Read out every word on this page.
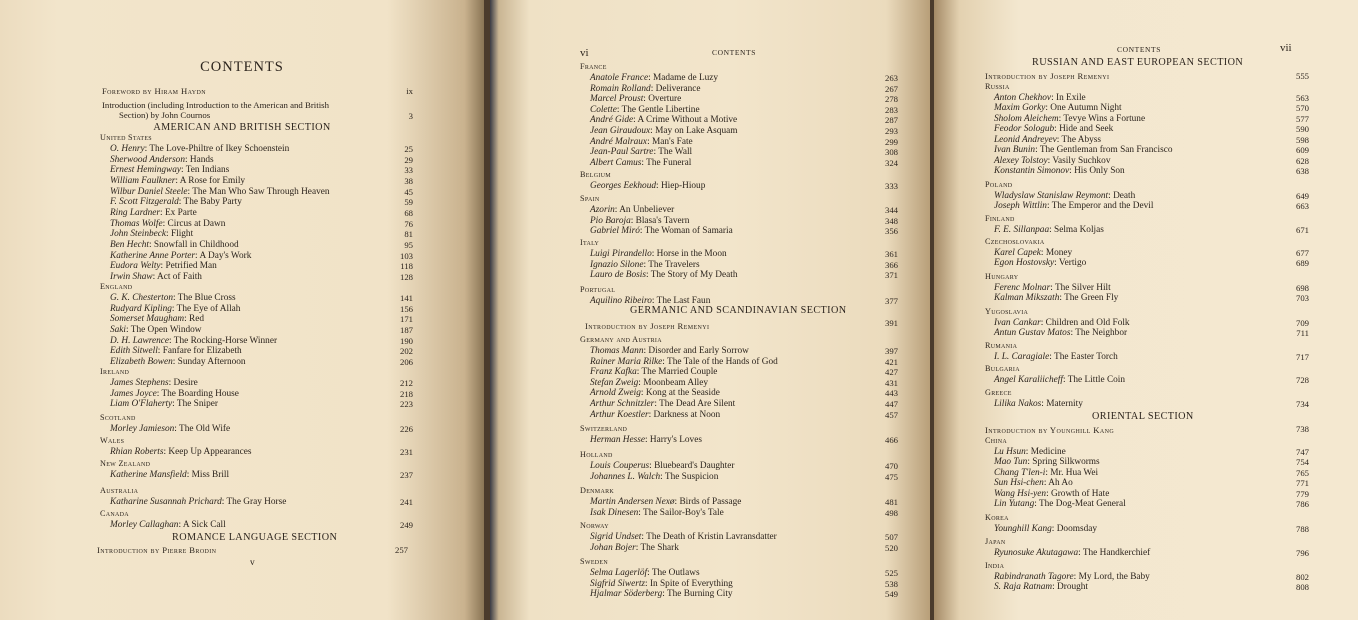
CONTENTS
Foreword by Hiram Haydn	ix
Introduction (including Introduction to the American and British
Section) by John Cournos	3
AMERICAN AND BRITISH SECTION
United States
O. Henry: The Love-Philtre of Ikey Schoenstein	25
Sherwood Anderson: Hands	29
Ernest Hemingway: Ten Indians	33
William Faulkner: A Rose for Emily	38
Wilbur Daniel Steele: The Man Who Saw Through Heaven	45
F. Scott Fitzgerald: The Baby Party	59
Ring Lardner: Ex Parte	68
Thomas Wolfe: Circus at Dawn	76
John Steinbeck: Flight	81
Ben Hecht: Snowfall in Childhood	95
Katherine Anne Porter: A Day's Work	103
Eudora Welty: Petrified Man	118
Irwin Shaw: Act of Faith	128
England
G. K. Chesterton: The Blue Cross	141
Rudyard Kipling: The Eye of Allah	156
Somerset Maugham: Red	171
Saki: The Open Window	187
D. H. Lawrence: The Rocking-Horse Winner	190
Edith Sitwell: Fanfare for Elizabeth	202
Elizabeth Bowen: Sunday Afternoon	206
Ireland
James Stephens: Desire	212
James Joyce: The Boarding House	218
Liam O'Flaherty: The Sniper	223
Scotland
Morley Jamieson: The Old Wife	226
Wales
Rhian Roberts: Keep Up Appearances	231
New Zealand
Katherine Mansfield: Miss Brill	237
Australia
Katharine Susannah Prichard: The Gray Horse	241
Canada
Morley Callaghan: A Sick Call	249
ROMANCE LANGUAGE SECTION
Introduction by Pierre Brodin	257
v
vi	CONTENTS
France
Anatole France: Madame de Luzy	263
Romain Rolland: Deliverance	267
Marcel Proust: Overture	278
Colette: The Gentle Libertine	283
André Gide: A Crime Without a Motive	287
Jean Giraudoux: May on Lake Asquam	293
André Malraux: Man's Fate	299
Jean-Paul Sartre: The Wall	308
Albert Camus: The Funeral	324
Belgium
Georges Eekhoud: Hiep-Hioup	333
Spain
Azorin: An Unbeliever	344
Pio Baroja: Blasa's Tavern	348
Gabriel Miró: The Woman of Samaria	356
Italy
Luigi Pirandello: Horse in the Moon	361
Ignazio Silone: The Travelers	366
Lauro de Bosis: The Story of My Death	371
Portugal
Aquilino Ribeiro: The Last Faun	377
Germany and Austria
Thomas Mann: Disorder and Early Sorrow	397
Rainer Maria Rilke: The Tale of the Hands of God	421
Franz Kafka: The Married Couple	427
Stefan Zweig: Moonbeam Alley	431
Arnold Zweig: Kong at the Seaside	443
Arthur Schnitzler: The Dead Are Silent	447
Arthur Koestler: Darkness at Noon	457
Switzerland
Herman Hesse: Harry's Loves	466
Holland
Louis Couperus: Bluebeard's Daughter	470
Johannes L. Walch: The Suspicion	475
Denmark
Martin Andersen Nexø: Birds of Passage	481
Isak Dinesen: The Sailor-Boy's Tale	498
Norway
Sigrid Undset: The Death of Kristin Lavransdatter	507
Johan Bojer: The Shark	520
Sweden
Selma Lagerlöf: The Outlaws	525
Sigfrid Siwertz: In Spite of Everything	538
Hjalmar Söderberg: The Burning City	549
GERMANIC AND SCANDINAVIAN SECTION
Introduction by Joseph Remenyi	391
CONTENTS	vii
RUSSIAN AND EAST EUROPEAN SECTION
Introduction by Joseph Remenyi	555
ORIENTAL SECTION
Introduction by Younghill Kang	738
Russia
Anton Chekhov: In Exile	563
Maxim Gorky: One Autumn Night	570
Sholom Aleichem: Tevye Wins a Fortune	577
Feodor Sologub: Hide and Seek	590
Leonid Andreyev: The Abyss	598
Ivan Bunin: The Gentleman from San Francisco	609
Alexey Tolstoy: Vasily Suchkov	628
Konstantin Simonov: His Only Son	638
Poland
Wladyslaw Stanislaw Reymont: Death	649
Joseph Wittlin: The Emperor and the Devil	663
Finland
F. E. Sillanpaa: Selma Koljas	671
Czechoslovakia
Karel Capek: Money	677
Egon Hostovsky: Vertigo	689
Hungary
Ferenc Molnar: The Silver Hilt	698
Kalman Mikszath: The Green Fly	703
Yugoslavia
Ivan Cankar: Children and Old Folk	709
Antun Gustav Matos: The Neighbor	711
Rumania
I. L. Caragiale: The Easter Torch	717
Bulgaria
Angel Karaliicheff: The Little Coin	728
Greece
Lilika Nakos: Maternity	734
China
Lu Hsun: Medicine	747
Mao Tun: Spring Silkworms	754
Chang T'len-i: Mr. Hua Wei	765
Sun Hsi-chen: Ah Ao	771
Wang Hsi-yen: Growth of Hate	779
Lin Yutang: The Dog-Meat General	786
Korea
Younghill Kang: Doomsday	788
Japan
Ryunosuke Akutagawa: The Handkerchief	796
India
Rabindranath Tagore: My Lord, the Baby	802
S. Raja Ratnam: Drought	808
